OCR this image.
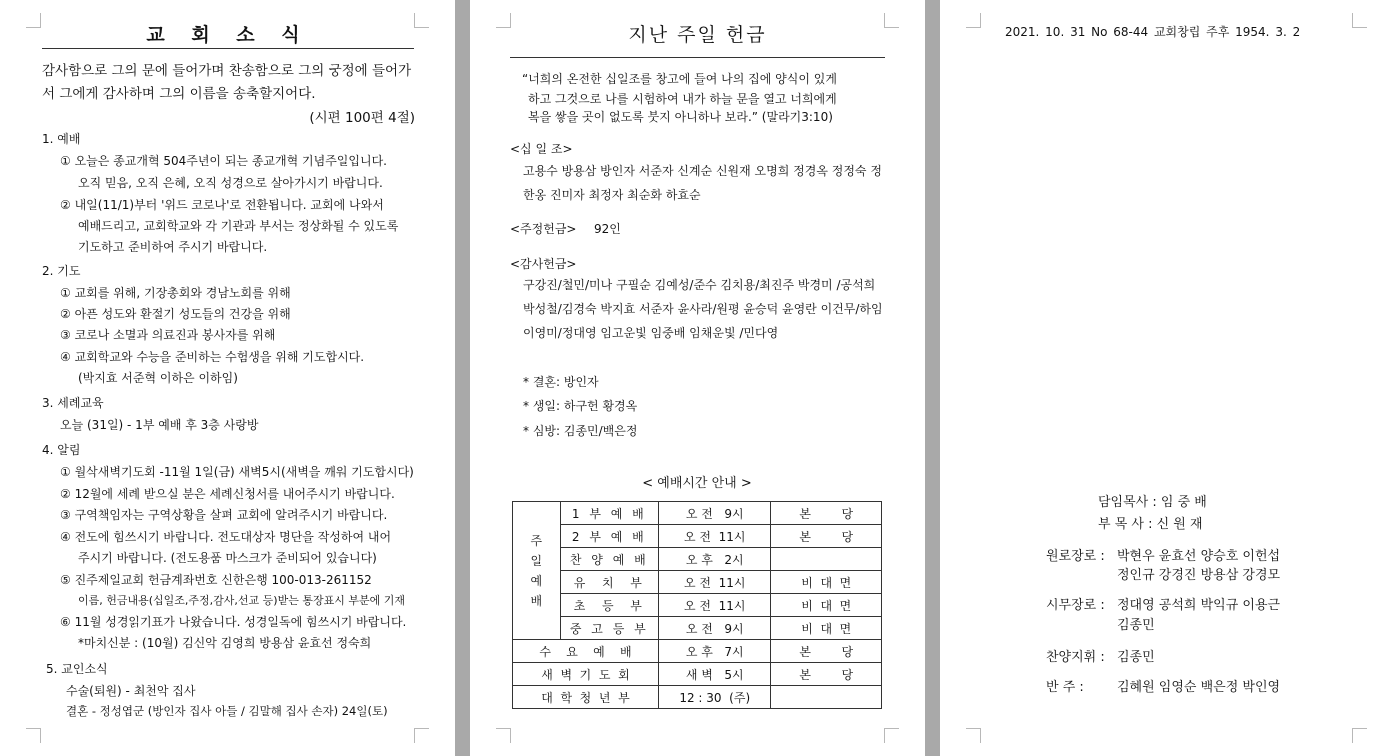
교 회 소 식
감사함으로 그의 문에 들어가며 찬송함으로 그의 궁정에 들어가서 그에게 감사하며 그의 이름을 송축할지어다.
(시편 100편 4절)
1. 예배
① 오늘은 종교개혁 504주년이 되는 종교개혁 기념주일입니다.
오직 믿음, 오직 은혜, 오직 성경으로 살아가시기 바랍니다.
② 내일(11/1)부터 '위드 코로나'로 전환됩니다. 교회에 나와서
예배드리고, 교회학교와 각 기관과 부서는 정상화될 수 있도록
기도하고 준비하여 주시기 바랍니다.
2. 기도
① 교회를 위해, 기장총회와 경남노회를 위해
② 아픈 성도와 환절기 성도들의 건강을 위해
③ 코로나 소멸과 의료진과 봉사자를 위해
④ 교회학교와 수능을 준비하는 수험생을 위해 기도합시다.
(박지효 서준혁 이하은 이하임)
3. 세례교육
오늘 (31일) - 1부 예배 후 3층 사랑방
4. 알림
① 월삭새벽기도회 -11월 1일(금) 새벽5시(새벽을 깨워 기도합시다)
② 12월에 세례 받으실 분은 세례신청서를 내어주시기 바랍니다.
③ 구역책임자는 구역상황을 살펴 교회에 알려주시기 바랍니다.
④ 전도에 힘쓰시기 바랍니다. 전도대상자 명단을 작성하여 내어
주시기 바랍니다. (전도용품 마스크가 준비되어 있습니다)
⑤ 진주제일교회 헌금계좌번호 신한은행 100-013-261152
이름, 헌금내용(십일조,주정,감사,선교 등)받는 통장표시 부분에 기재
⑥ 11월 성경읽기표가 나왔습니다. 성경일독에 힘쓰시기 바랍니다.
*마치신분 : (10월) 김신악 김영희 방용삼 윤효선 정숙희
5. 교인소식
수술(퇴원) - 최천악 집사
결혼 - 정성엽군 (방인자 집사 아들 / 김말해 집사 손자) 24일(토)
지난 주일 헌금
“너희의 온전한 십일조를 창고에 들여 나의 집에 양식이 있게
하고 그것으로 나를 시험하여 내가 하늘 문을 열고 너희에게
복을 쌓을 곳이 없도록 붓지 아니하나 보라.” (말라기3:10)
<십 일 조>
고용수 방용삼 방인자 서준자 신계순 신원재 오명희 정경옥 정정숙 정한옹 진미자 최정자 최순화 하효순
<주정헌금> 92인
<감사헌금>
구강진/철민/미나 구필순 김예성/준수 김치용/최진주 박경미 /공석희 박성철/김경숙 박지효 서준자 윤사라/원평 윤승덕 윤영란 이건무/하임 이영미/정대영 임고운빛 임중배 임채운빛 /민다영
* 결혼: 방인자
* 생일: 하구헌 황경옥
* 심방: 김종민/백은정
< 예배시간 안내 >
주
일
예
배	1 부 예 배	오 전   9시	본        당
	2 부 예 배	오 전  11시	본        당
	찬 양 예 배	오 후   2시	
	유  치  부	오 전  11시	비  대  면
	초  등  부	오 전  11시	비  대  면
	중 고 등 부	오 전   9시	비  대  면
수    요    예    배		오 후   7시	본        당
새  벽  기  도  회		새 벽   5시	본        당
대  학  청  년  부		12 : 30  (주)	
2021. 10. 31 No 68-44 교회창립 주후 1954. 3. 2
담임목사 : 임 중 배
부 목 사 : 신 원 재
원로장로 : 박현우 윤효선 양승호 이헌섭
정인규 강경진 방용삼 강경모
시무장로 : 정대영 공석희 박익규 이용근
김종민
찬양지휘 : 김종민
반 주 :	김혜원 임영순 백은정 박인영
